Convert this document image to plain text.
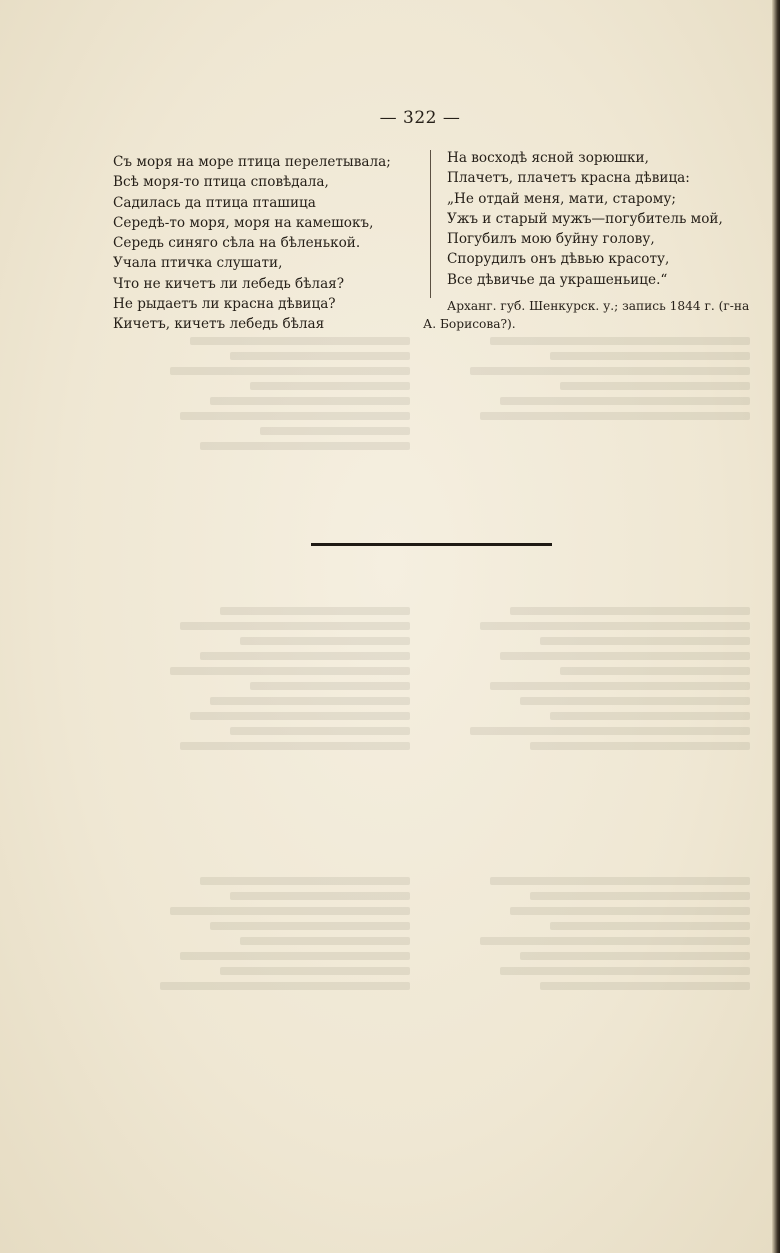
— 322 —
Съ моря на море птица перелетывала;
Всѣ моря-то птица сповѣдала,
Садилась да птица пташица
Середѣ-то моря, моря на камешокъ,
Середь синяго сѣла на бѣленькой.
Учала птичка слушати,
Что не кичетъ ли лебедь бѣлая?
Не рыдаетъ ли красна дѣвица?
Кичетъ, кичетъ лебедь бѣлая
На восходѣ ясной зорюшки,
Плачетъ, плачетъ красна дѣвица:
„Не отдай меня, мати, старому;
Ужъ и старый мужъ—погубитель мой,
Погубилъ мою буйну голову,
Спорудилъ онъ дѣвью красоту,
Все дѣвичье да украшеньице.“
Арханг. губ. Шенкурск. у.; запись 1844 г. (г-на
А. Борисова?).
